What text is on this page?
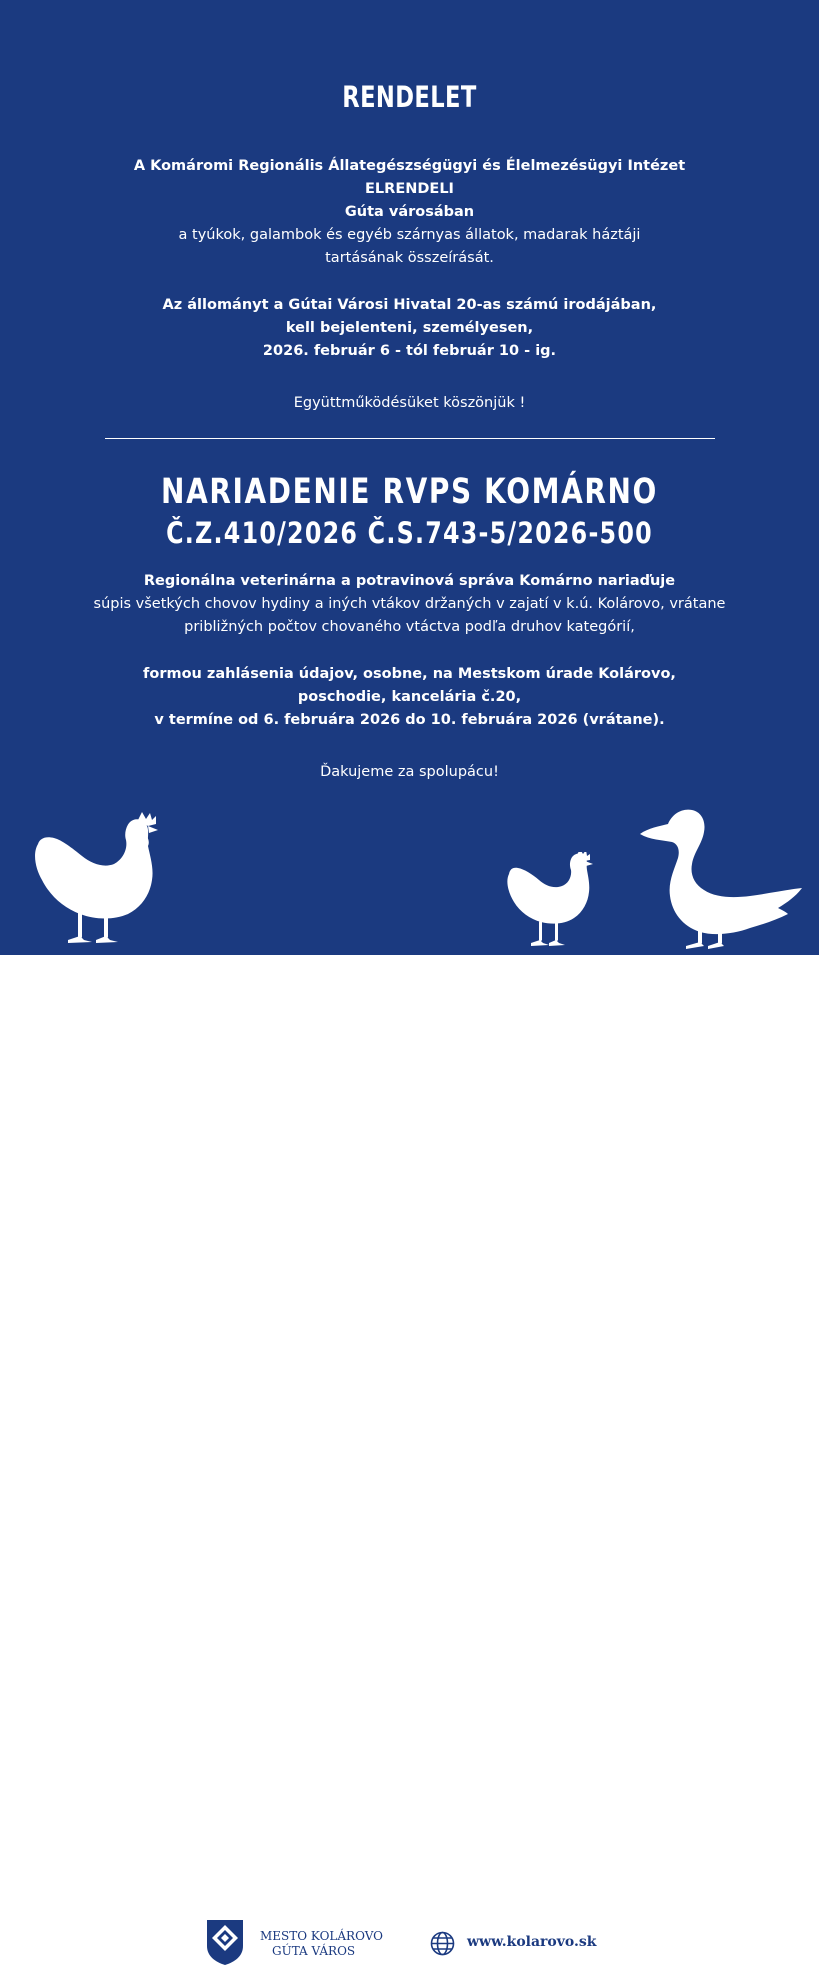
RENDELET
A Komáromi Regionális Állategészségügyi és Élelmezésügyi Intézet
ELRENDELI
Gúta városában
a tyúkok, galambok és egyéb szárnyas állatok, madarak háztáji
tartásának összeírását.
Az állományt a Gútai Városi Hivatal 20-as számú irodájában,
kell bejelenteni, személyesen,
2026. február 6 - tól február 10 - ig.
Együttműködésüket köszönjük !
NARIADENIE RVPS KOMÁRNO
Č.Z.410/2026 Č.S.743-5/2026-500
Regionálna veterinárna a potravinová správa Komárno nariaďuje
súpis všetkých chovov hydiny a iných vtákov držaných v zajatí v k.ú. Kolárovo, vrátane
približných počtov chovaného vtáctva podľa druhov kategórií,
formou zahlásenia údajov, osobne, na Mestskom úrade Kolárovo,
poschodie, kancelária č.20,
v termíne od 6. februára 2026 do 10. februára 2026 (vrátane).
Ďakujeme za spolupácu!
MESTO KOLÁROVO
GÚTA VÁROS
www.kolarovo.sk
